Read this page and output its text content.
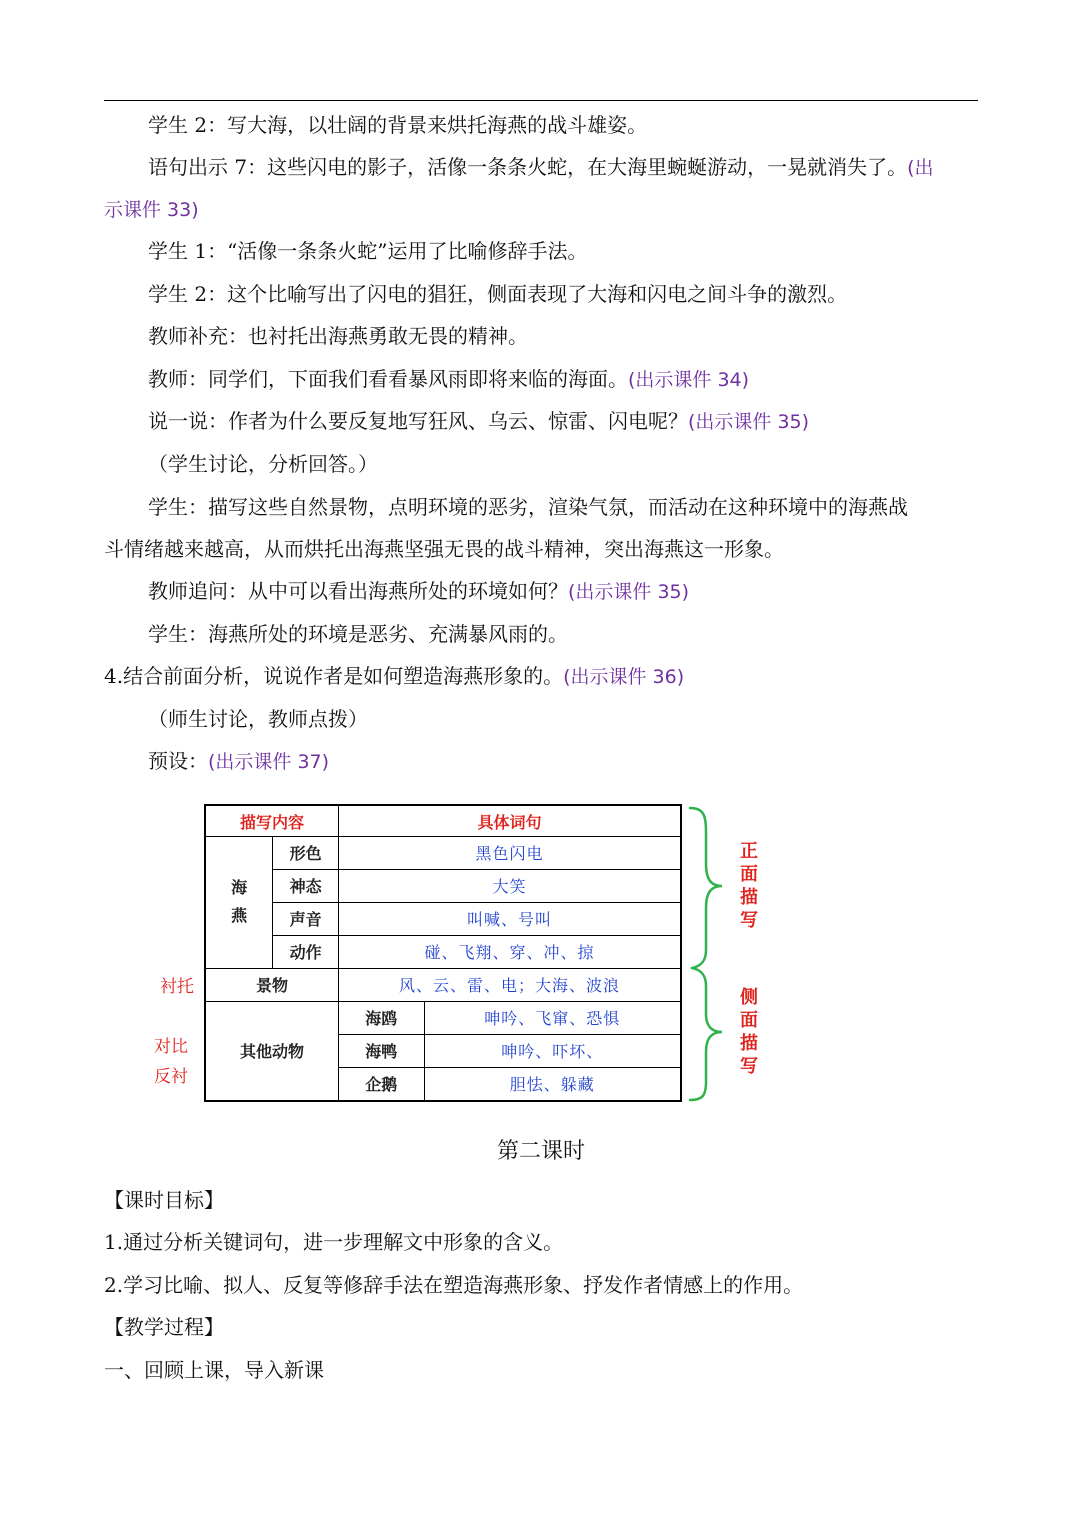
学生 2：写大海，以壮阔的背景来烘托海燕的战斗雄姿。
语句出示 7：这些闪电的影子，活像一条条火蛇，在大海里蜿蜒游动，一晃就消失了。(出
示课件 33)
学生 1：“活像一条条火蛇”运用了比喻修辞手法。
学生 2：这个比喻写出了闪电的猖狂，侧面表现了大海和闪电之间斗争的激烈。
教师补充：也衬托出海燕勇敢无畏的精神。
教师：同学们，下面我们看看暴风雨即将来临的海面。(出示课件 34)
说一说：作者为什么要反复地写狂风、乌云、惊雷、闪电呢？(出示课件 35)
（学生讨论，分析回答。）
学生：描写这些自然景物，点明环境的恶劣，渲染气氛，而活动在这种环境中的海燕战
斗情绪越来越高，从而烘托出海燕坚强无畏的战斗精神，突出海燕这一形象。
教师追问：从中可以看出海燕所处的环境如何？(出示课件 35)
学生：海燕所处的环境是恶劣、充满暴风雨的。
4.结合前面分析，说说作者是如何塑造海燕形象的。(出示课件 36)
（师生讨论，教师点拨）
预设：(出示课件 37)
衬托
对比
反衬
描写内容		具体词句	

海燕	形色	黑色闪电	
	神态	大笑	
	声音	叫喊、号叫	
	动作	碰、飞翔、穿、冲、掠	
景物		风、云、雷、电；大海、波浪	
其他动物		海鸥	呻吟、飞窜、恐惧
		海鸭	呻吟、吓坏、
		企鹅	胆怯、躲藏
正面描写
侧面描写
第二课时
【课时目标】
1.通过分析关键词句，进一步理解文中形象的含义。
2.学习比喻、拟人、反复等修辞手法在塑造海燕形象、抒发作者情感上的作用。
【教学过程】
一、回顾上课，导入新课
